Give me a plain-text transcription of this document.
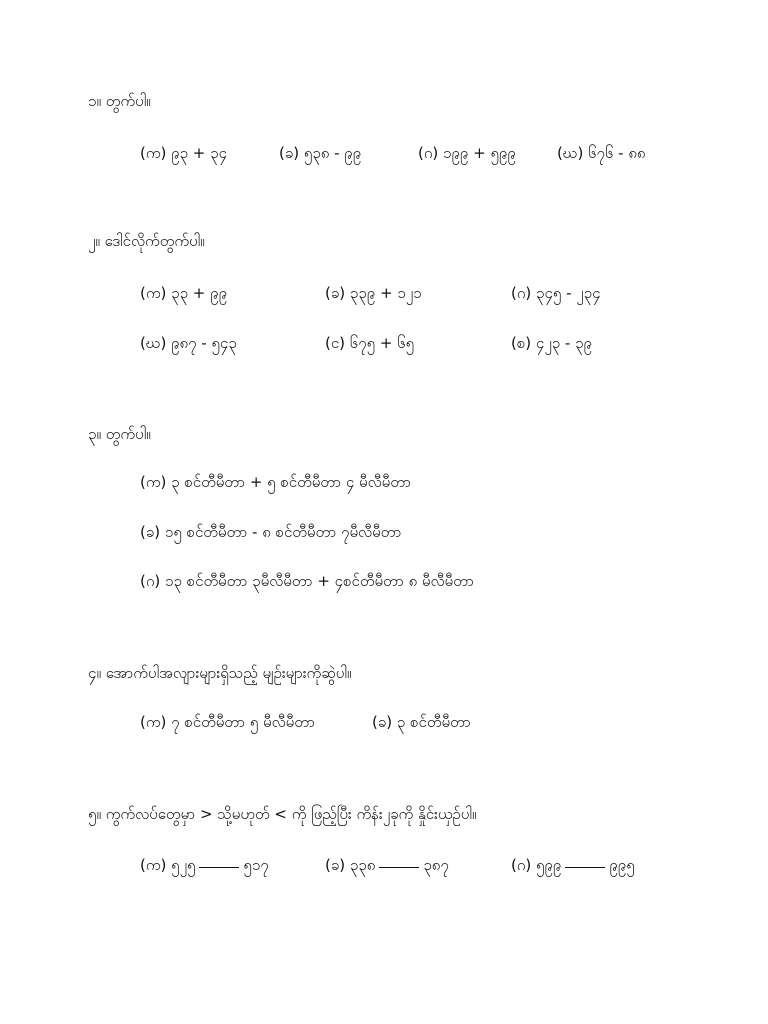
၁။ တွက်ပါ။
(က) ၉၃ + ၃၄	(ခ) ၅၃၈ - ၉၉	(ဂ) ၁၉၉ + ၅၉၉	(ဃ) ၆၇၆ - ၈၈
၂။ ဒေါင်လိုက်တွက်ပါ။
(က) ၃၃ + ၉၉	(ခ) ၃၃၉ + ၁၂၁	(ဂ) ၃၄၅ - ၂၃၄
(ဃ) ၉၈၇ - ၅၄၃	(င) ၆၇၅ + ၆၅	(စ) ၄၂၃ - ၃၉
၃။ တွက်ပါ။
(က) ၃ စင်တီမီတာ + ၅ စင်တီမီတာ ၄ မီလီမီတာ
(ခ) ၁၅ စင်တီမီတာ - ၈ စင်တီမီတာ ၇မီလီမီတာ
(ဂ) ၁၃ စင်တီမီတာ ၃မီလီမီတာ + ၄စင်တီမီတာ ၈ မီလီမီတာ
၄။ အောက်ပါအလျားများရှိသည့် မျဉ်းများကိုဆွဲပါ။
(က) ၇ စင်တီမီတာ ၅ မီလီမီတာ	(ခ) ၃ စင်တီမီတာ
၅။ ကွက်လပ်တွေမှာ > သို့မဟုတ် < ကို ဖြည့်ပြီး ကိန်း၂ခုကို နှိုင်းယှဉ်ပါ။
(က) ၅၂၅	၅၁၇	(ခ) ၃၃၈	၃၈၇	(ဂ) ၅၉၉	၉၉၅
